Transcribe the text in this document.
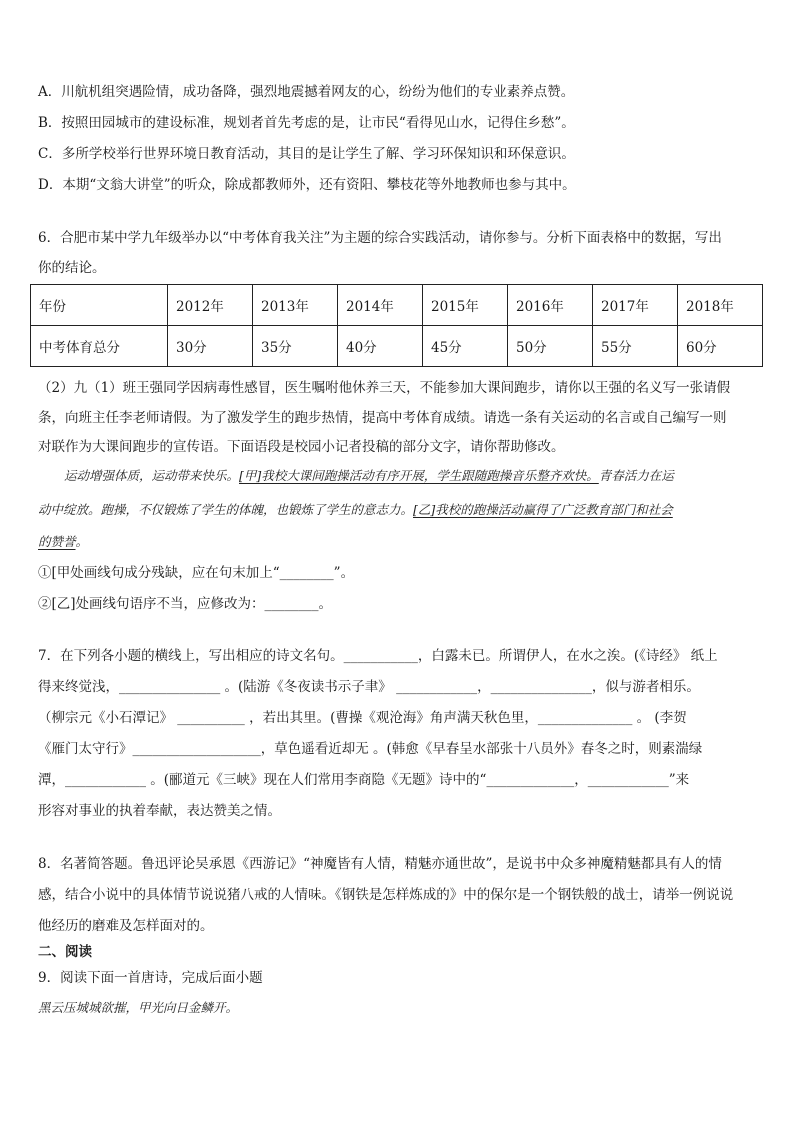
A．川航机组突遇险情，成功备降，强烈地震撼着网友的心，纷纷为他们的专业素养点赞。
B．按照田园城市的建设标准，规划者首先考虑的是，让市民“看得见山水，记得住乡愁”。
C．多所学校举行世界环境日教育活动，其目的是让学生了解、学习环保知识和环保意识。
D．本期“文翁大讲堂”的听众，除成都教师外，还有资阳、攀枝花等外地教师也参与其中。
6．合肥市某中学九年级举办以“中考体育我关注”为主题的综合实践活动，请你参与。分析下面表格中的数据，写出
你的结论。
年份	2012年	2013年	2014年	2015年	2016年	2017年	2018年
中考体育总分	30分	35分	40分	45分	50分	55分	60分
（2）九（1）班王强同学因病毒性感冒，医生嘱咐他休养三天，不能参加大课间跑步，请你以王强的名义写一张请假
条，向班主任李老师请假。为了激发学生的跑步热情，提高中考体育成绩。请选一条有关运动的名言或自己编写一则
对联作为大课间跑步的宣传语。下面语段是校园小记者投稿的部分文字，请你帮助修改。
运动增强体质，运动带来快乐。[甲]我校大课间跑操活动有序开展，学生跟随跑操音乐整齐欢快。青春活力在运
动中绽放。跑操，不仅锻炼了学生的体魄，也锻炼了学生的意志力。[乙]我校的跑操活动赢得了广泛教育部门和社会
的赞誉。
①[甲处画线句成分残缺，应在句末加上“________”。
②[乙]处画线句语序不当，应修改为：________。
7．在下列各小题的横线上，写出相应的诗文名句。___________，白露未已。所谓伊人，在水之涘。(《诗经》 纸上
得来终觉浅，_______________ 。(陆游《冬夜读书示子聿》 ____________，_______________，似与游者相乐。
（柳宗元《小石潭记》 __________ ，若出其里。(曹操《观沧海》角声满天秋色里，______________ 。 (李贺
《雁门太守行》___________________，草色遥看近却无 。(韩愈《早春呈水部张十八员外》春冬之时，则素湍绿
潭，____________ 。(郦道元《三峡》现在人们常用李商隐《无题》诗中的“_____________，____________”来
形容对事业的执着奉献，表达赞美之情。
8．名著简答题。鲁迅评论吴承恩《西游记》“神魔皆有人情，精魅亦通世故”，是说书中众多神魔精魅都具有人的情
感，结合小说中的具体情节说说猪八戒的人情味。《钢铁是怎样炼成的》中的保尔是一个钢铁般的战士，请举一例说说
他经历的磨难及怎样面对的。
二、阅读
9．阅读下面一首唐诗，完成后面小题
黑云压城城欲摧，甲光向日金鳞开。
